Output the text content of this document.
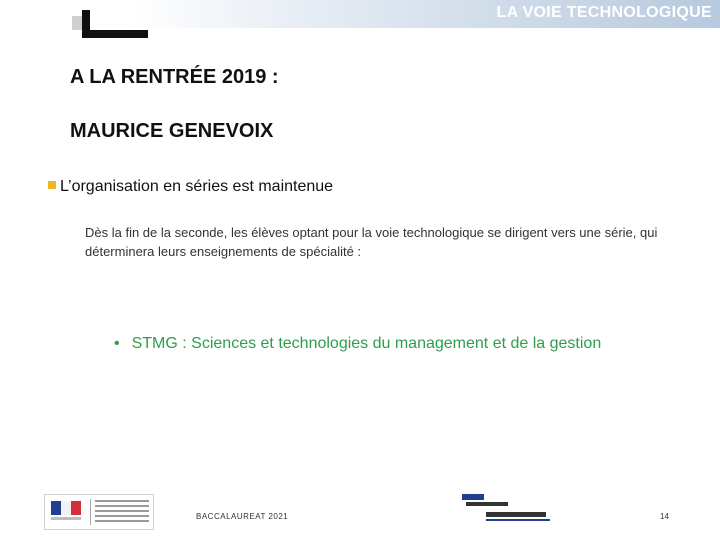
LA VOIE TECHNOLOGIQUE
A LA RENTRÉE 2019 :
MAURICE GENEVOIX
L’organisation en séries est maintenue
Dès la fin de la seconde, les élèves optant pour la voie technologique se dirigent vers une série, qui déterminera leurs enseignements de spécialité :
• STMG : Sciences et technologies du management et de la gestion
BACCALAUREAT 2021	14
